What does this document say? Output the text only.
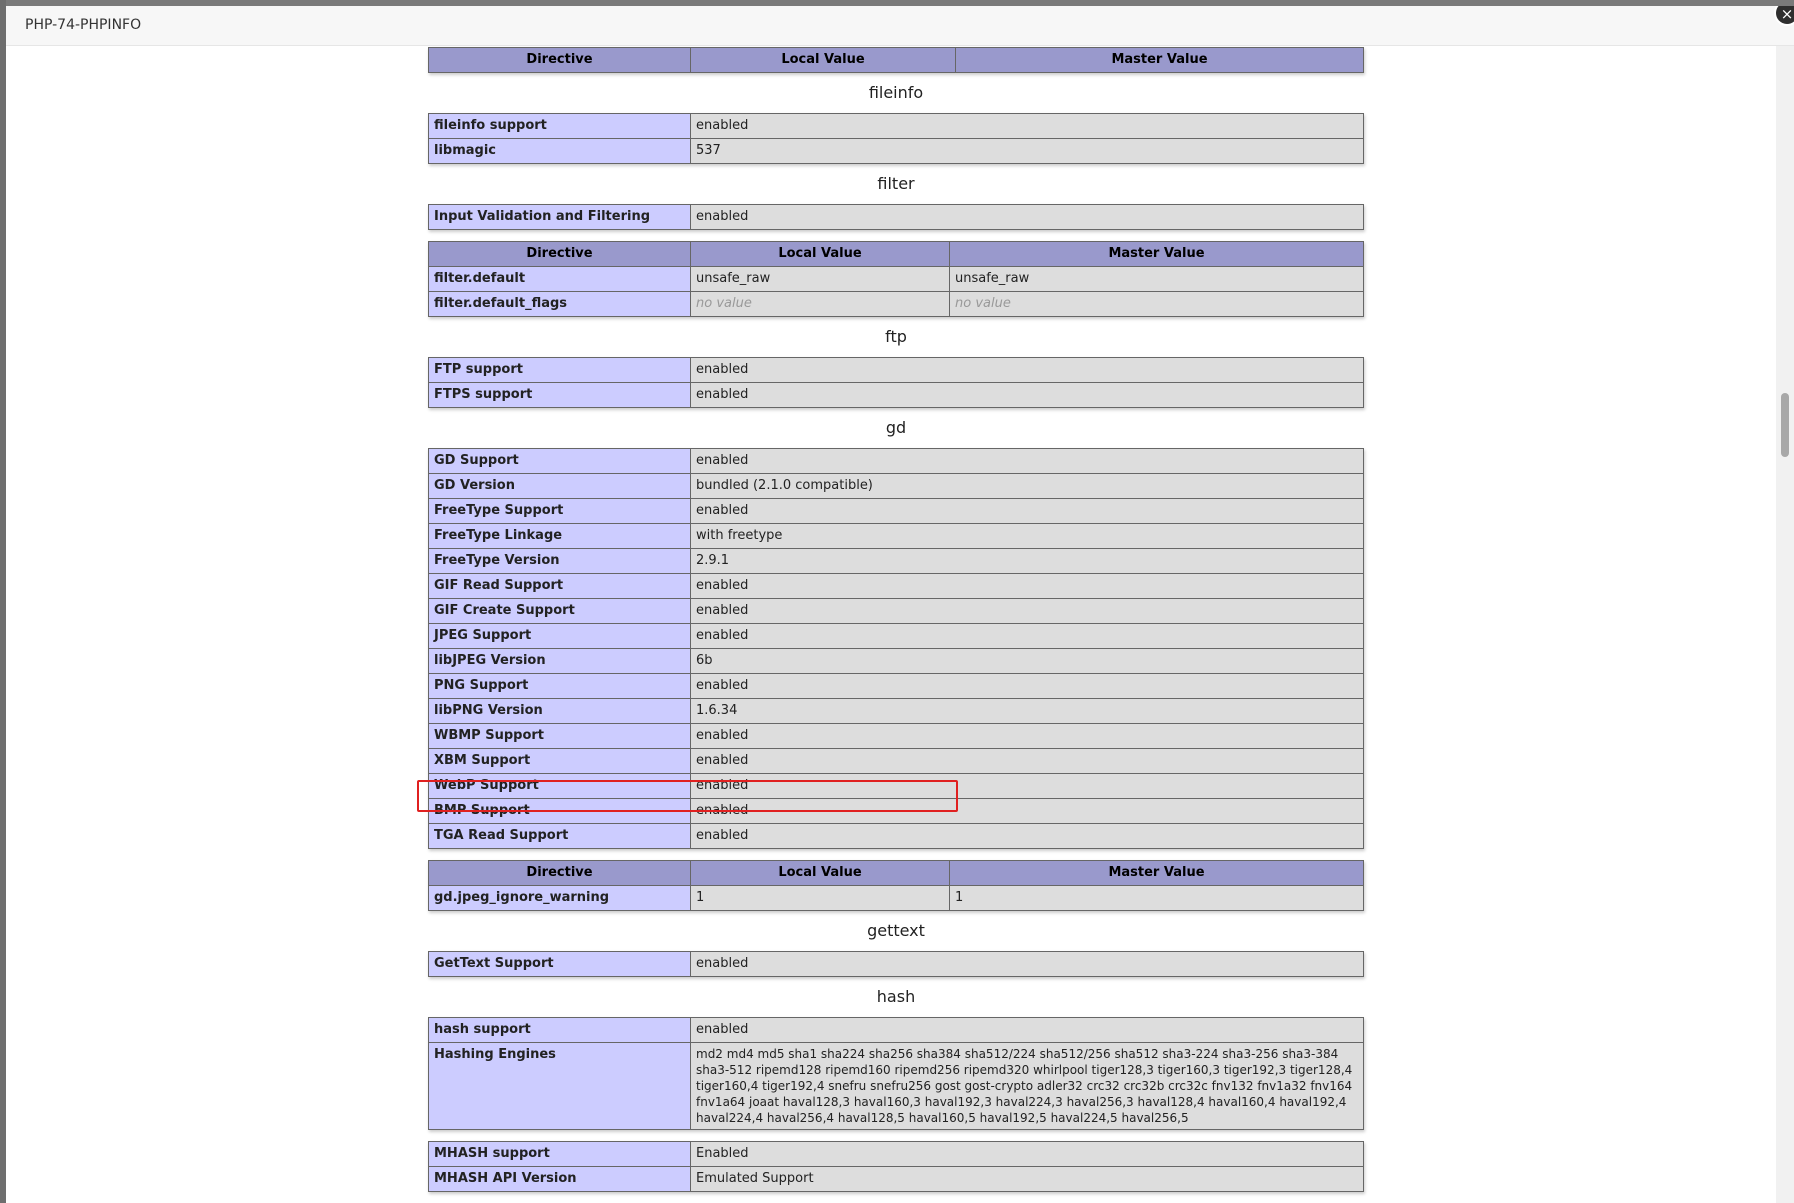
PHP-74-PHPINFO
Directive	Local Value	Master Value
fileinfo
fileinfo support	enabled
libmagic	537
filter
Input Validation and Filtering	enabled
Directive	Local Value	Master Value
filter.default	unsafe_raw	unsafe_raw
filter.default_flags	no value	no value
ftp
FTP support	enabled
FTPS support	enabled
gd
GD Support	enabled
GD Version	bundled (2.1.0 compatible)
FreeType Support	enabled
FreeType Linkage	with freetype
FreeType Version	2.9.1
GIF Read Support	enabled
GIF Create Support	enabled
JPEG Support	enabled
libJPEG Version	6b
PNG Support	enabled
libPNG Version	1.6.34
WBMP Support	enabled
XBM Support	enabled
WebP Support	enabled
BMP Support	enabled
TGA Read Support	enabled
Directive	Local Value	Master Value
gd.jpeg_ignore_warning	1	1
gettext
GetText Support	enabled
hash
hash support	enabled
Hashing Engines	md2 md4 md5 sha1 sha224 sha256 sha384 sha512/224 sha512/256 sha512 sha3-224 sha3-256 sha3-384 sha3-512 ripemd128 ripemd160 ripemd256 ripemd320 whirlpool tiger128,3 tiger160,3 tiger192,3 tiger128,4 tiger160,4 tiger192,4 snefru snefru256 gost gost-crypto adler32 crc32 crc32b crc32c fnv132 fnv1a32 fnv164 fnv1a64 joaat haval128,3 haval160,3 haval192,3 haval224,3 haval256,3 haval128,4 haval160,4 haval192,4 haval224,4 haval256,4 haval128,5 haval160,5 haval192,5 haval224,5 haval256,5
MHASH support	Enabled
MHASH API Version	Emulated Support
×
